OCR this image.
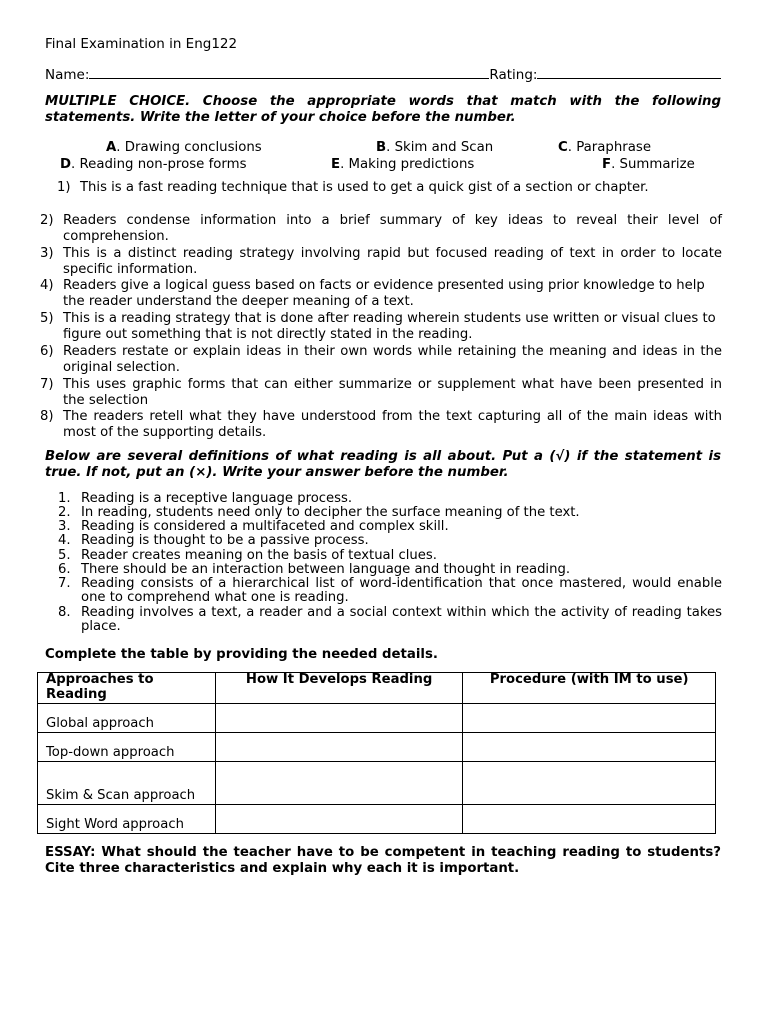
Final Examination in Eng122
Name:	Rating:
MULTIPLE CHOICE. Choose the appropriate words that match with the following statements. Write the letter of your choice before the number.
A. Drawing conclusions	B. Skim and Scan	C. Paraphrase
D. Reading non-prose forms	E. Making predictions	F. Summarize
1) This is a fast reading technique that is used to get a quick gist of a section or chapter.
2) Readers condense information into a brief summary of key ideas to reveal their level of comprehension.
3) This is a distinct reading strategy involving rapid but focused reading of text in order to locate specific information.
4) Readers give a logical guess based on facts or evidence presented using prior knowledge to help the reader understand the deeper meaning of a text.
5) This is a reading strategy that is done after reading wherein students use written or visual clues to figure out something that is not directly stated in the reading.
6) Readers restate or explain ideas in their own words while retaining the meaning and ideas in the original selection.
7) This uses graphic forms that can either summarize or supplement what have been presented in the selection
8) The readers retell what they have understood from the text capturing all of the main ideas with most of the supporting details.
Below are several definitions of what reading is all about. Put a (√) if the statement is true. If not, put an (×). Write your answer before the number.
1. Reading is a receptive language process.
2. In reading, students need only to decipher the surface meaning of the text.
3. Reading is considered a multifaceted and complex skill.
4. Reading is thought to be a passive process.
5. Reader creates meaning on the basis of textual clues.
6. There should be an interaction between language and thought in reading.
7. Reading consists of a hierarchical list of word-identification that once mastered, would enable one to comprehend what one is reading.
8. Reading involves a text, a reader and a social context within which the activity of reading takes place.
Complete the table by providing the needed details.
Approaches to Reading	How It Develops Reading	Procedure (with IM to use)
Global approach		
Top-down approach		
Skim & Scan approach		
Sight Word approach		
ESSAY: What should the teacher have to be competent in teaching reading to students? Cite three characteristics and explain why each it is important.
